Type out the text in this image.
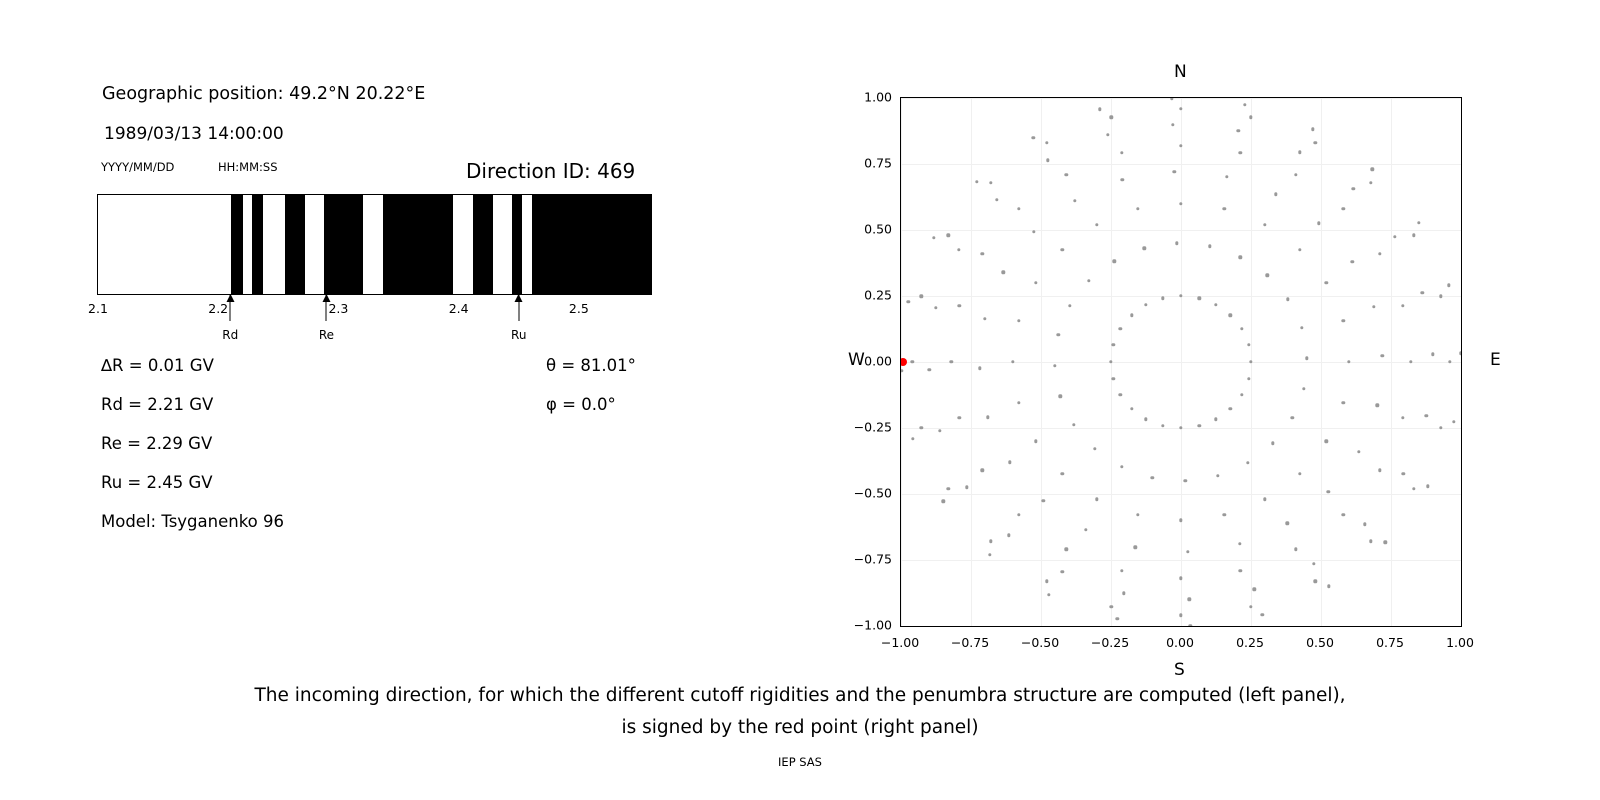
Geographic position: 49.2°N 20.22°E
1989/03/13 14:00:00
YYYY/MM/DD	HH:MM:SS	Direction ID: 469
2.1	2.2	2.3	2.4	2.5
Rd	Re	Ru
∆R = 0.01 GV
Rd = 2.21 GV
Re = 2.29 GV
Ru = 2.45 GV
Model: Tsyganenko 96
θ = 81.01°
φ = 0.0°
−1.00
−0.75
−0.50
−0.25
0.00
0.25
0.50
0.75
1.00
−1.00	−0.75	−0.50	−0.25	0.00	0.25	0.50	0.75	1.00
N
S
W	E
The incoming direction, for which the different cutoff rigidities and the penumbra structure are computed (left panel),
is signed by the red point (right panel)
IEP SAS
